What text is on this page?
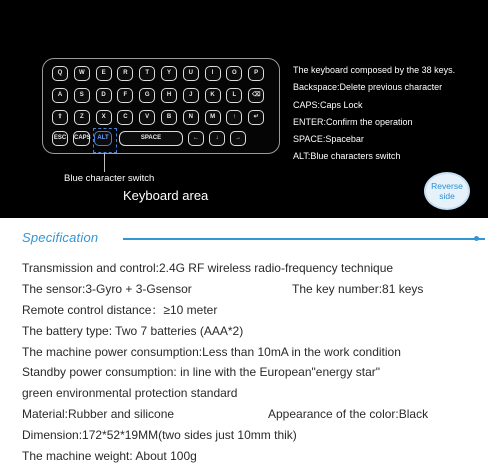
Q	W	E	R	T	Y	U	I	O	P
A	S	D	F	G	H	J	K	L	⌫
⇧	Z	X	C	V	B	N	M	↑	↵
ESC	CAPS	ALT	SPACE	←	↓	→
Blue character switch
Keyboard area
The keyboard composed by the 38 keys.
Backspace:Delete previous character
CAPS:Caps Lock
ENTER:Confirm the operation
SPACE:Spacebar
ALT:Blue characters switch
Reverse
side
Specification
Transmission and control:2.4G RF wireless radio-frequency technique
The sensor:3-Gyro + 3-Gsensor	The key number:81 keys
Remote control distance：≥10 meter
The battery type: Two 7 batteries (AAA*2)
The machine power consumption:Less than 10mA in the work condition
Standby power consumption: in line with the European"energy star"
green environmental protection standard
Material:Rubber and silicone	Appearance of the color:Black
Dimension:172*52*19MM(two sides just 10mm thik)
The machine weight: About 100g
